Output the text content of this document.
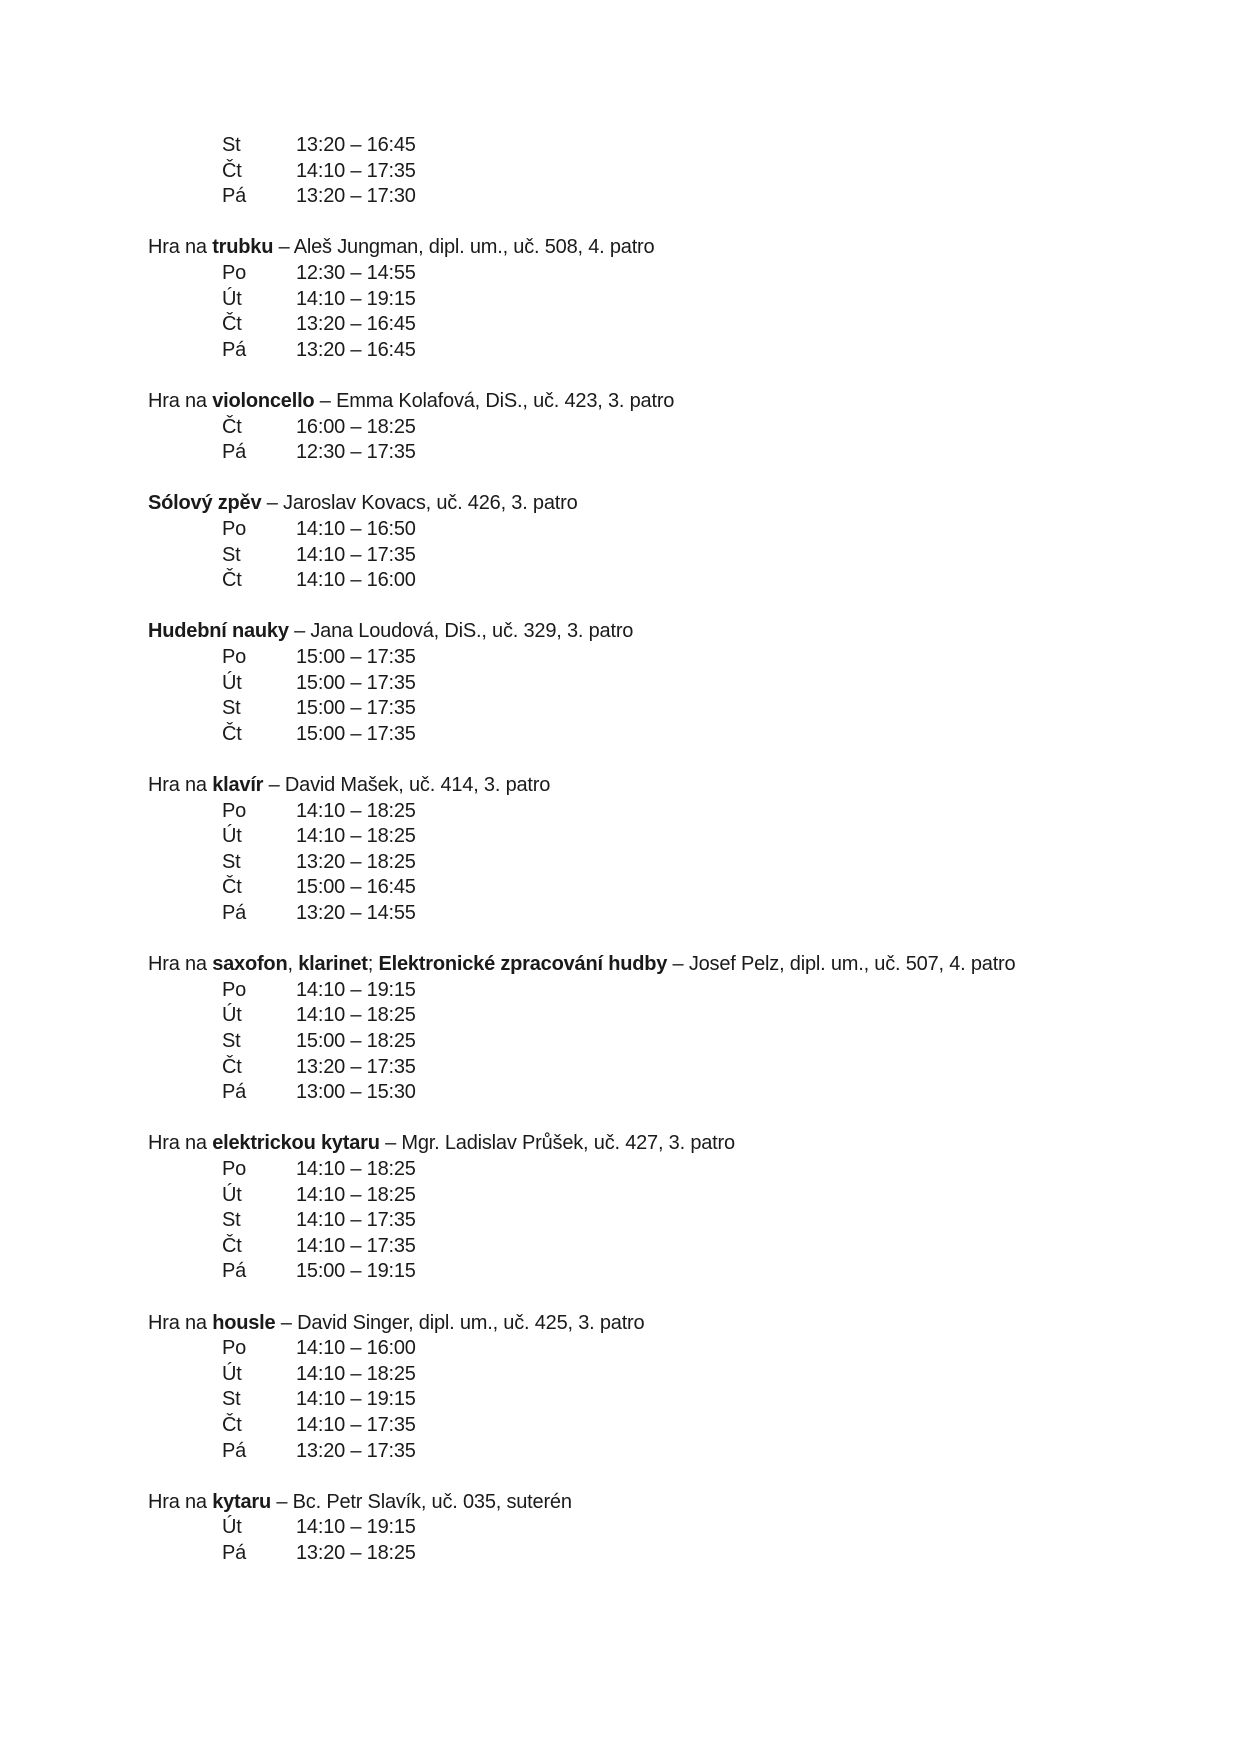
St	13:20 – 16:45
Čt	14:10 – 17:35
Pá 13:20 – 17:30
Hra na trubku – Aleš Jungman, dipl. um., uč. 508, 4. patro
Po 12:30 – 14:55
Út	14:10 – 19:15
Čt	13:20 – 16:45
Pá 13:20 – 16:45
Hra na violoncello – Emma Kolafová, DiS., uč. 423, 3. patro
Čt	16:00 – 18:25
Pá 12:30 – 17:35
Sólový zpěv – Jaroslav Kovacs, uč. 426, 3. patro
Po 14:10 – 16:50
St	14:10 – 17:35
Čt	14:10 – 16:00
Hudební nauky – Jana Loudová, DiS., uč. 329, 3. patro
Po 15:00 – 17:35
Út	15:00 – 17:35
St	15:00 – 17:35
Čt	15:00 – 17:35
Hra na klavír – David Mašek, uč. 414, 3. patro
Po 14:10 – 18:25
Út	14:10 – 18:25
St	13:20 – 18:25
Čt	15:00 – 16:45
Pá 13:20 – 14:55
Hra na saxofon, klarinet; Elektronické zpracování hudby – Josef Pelz, dipl. um., uč. 507, 4. patro
Po 14:10 – 19:15
Út	14:10 – 18:25
St	15:00 – 18:25
Čt	13:20 – 17:35
Pá 13:00 – 15:30
Hra na elektrickou kytaru – Mgr. Ladislav Průšek, uč. 427, 3. patro
Po 14:10 – 18:25
Út	14:10 – 18:25
St	14:10 – 17:35
Čt	14:10 – 17:35
Pá 15:00 – 19:15
Hra na housle – David Singer, dipl. um., uč. 425, 3. patro
Po 14:10 – 16:00
Út	14:10 – 18:25
St	14:10 – 19:15
Čt	14:10 – 17:35
Pá 13:20 – 17:35
Hra na kytaru – Bc. Petr Slavík, uč. 035, suterén
Út	14:10 – 19:15
Pá 13:20 – 18:25
